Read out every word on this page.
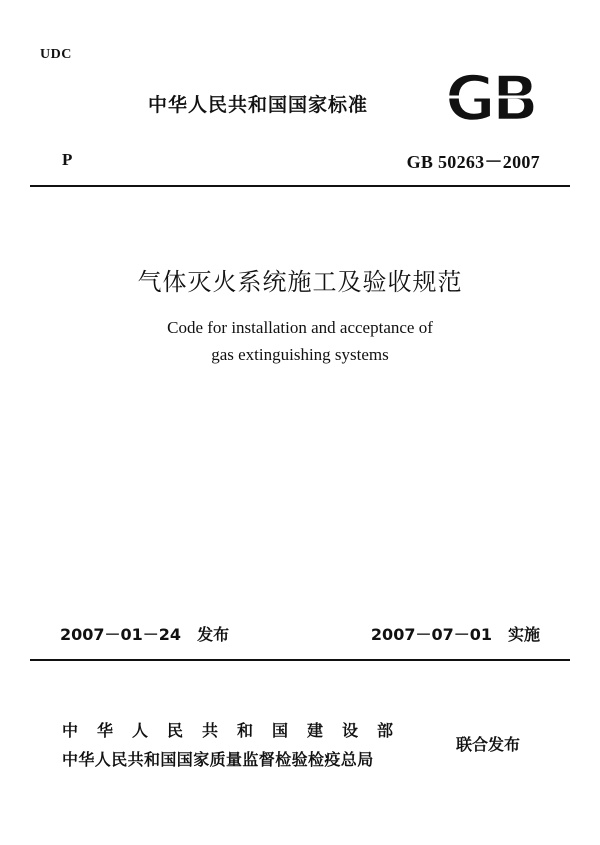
UDC
中华人民共和国国家标准 GB
P	GB 50263－2007
气体灭火系统施工及验收规范
Code for installation and acceptance of
gas extinguishing systems
2007－01－24　发布	2007－07－01　实施
中华人民共和国建设部
中华人民共和国国家质量监督检验检疫总局
联合发布
